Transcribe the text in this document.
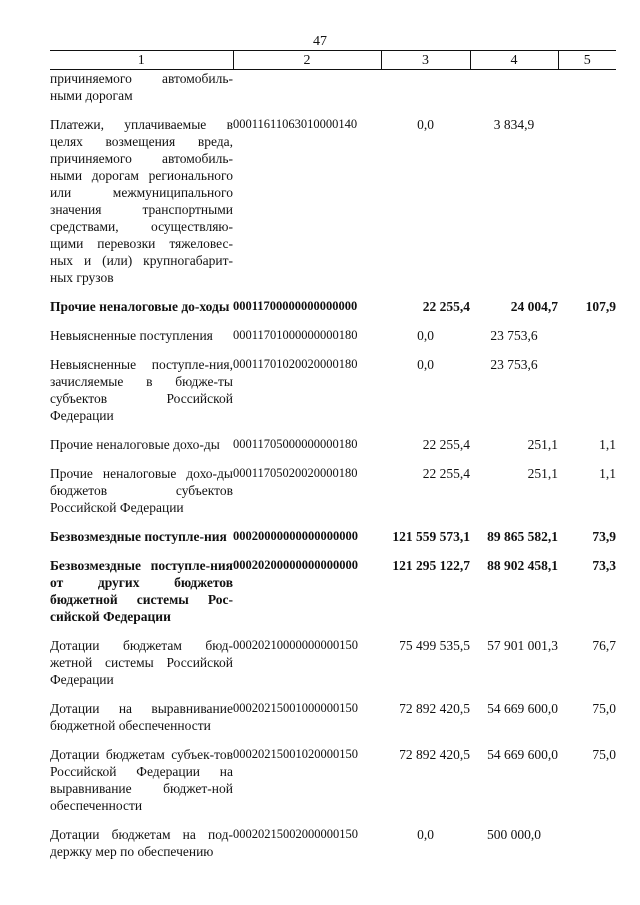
47
1	2	3	4	5
причиняемого автомобиль-ными дорогам				

Платежи, уплачиваемые в целях возмещения вреда, причиняемого автомобиль-ными дорогам регионального или межмуниципального значения транспортными средствами, осуществляю-щими перевозки тяжеловес-ных и (или) крупногабарит-ных грузов	00011611063010000140	0,0	3 834,9	

Прочие неналоговые до-ходы	00011700000000000000	22 255,4	24 004,7	107,9

Невыясненные поступления	00011701000000000180	0,0	23 753,6	

Невыясненные поступле-ния, зачисляемые в бюдже-ты субъектов Российской Федерации	00011701020020000180	0,0	23 753,6	

Прочие неналоговые дохо-ды	00011705000000000180	22 255,4	251,1	1,1

Прочие неналоговые дохо-ды бюджетов субъектов Российской Федерации	00011705020020000180	22 255,4	251,1	1,1

Безвозмездные поступле-ния	00020000000000000000	121 559 573,1	89 865 582,1	73,9

Безвозмездные поступле-ния от других бюджетов бюджетной системы Рос-сийской Федерации	00020200000000000000	121 295 122,7	88 902 458,1	73,3

Дотации бюджетам бюд-жетной системы Российской Федерации	00020210000000000150	75 499 535,5	57 901 001,3	76,7

Дотации на выравнивание бюджетной обеспеченности	00020215001000000150	72 892 420,5	54 669 600,0	75,0

Дотации бюджетам субъек-тов Российской Федерации на выравнивание бюджет-ной обеспеченности	00020215001020000150	72 892 420,5	54 669 600,0	75,0

Дотации бюджетам на под-держку мер по обеспечению	00020215002000000150	0,0	500 000,0	
